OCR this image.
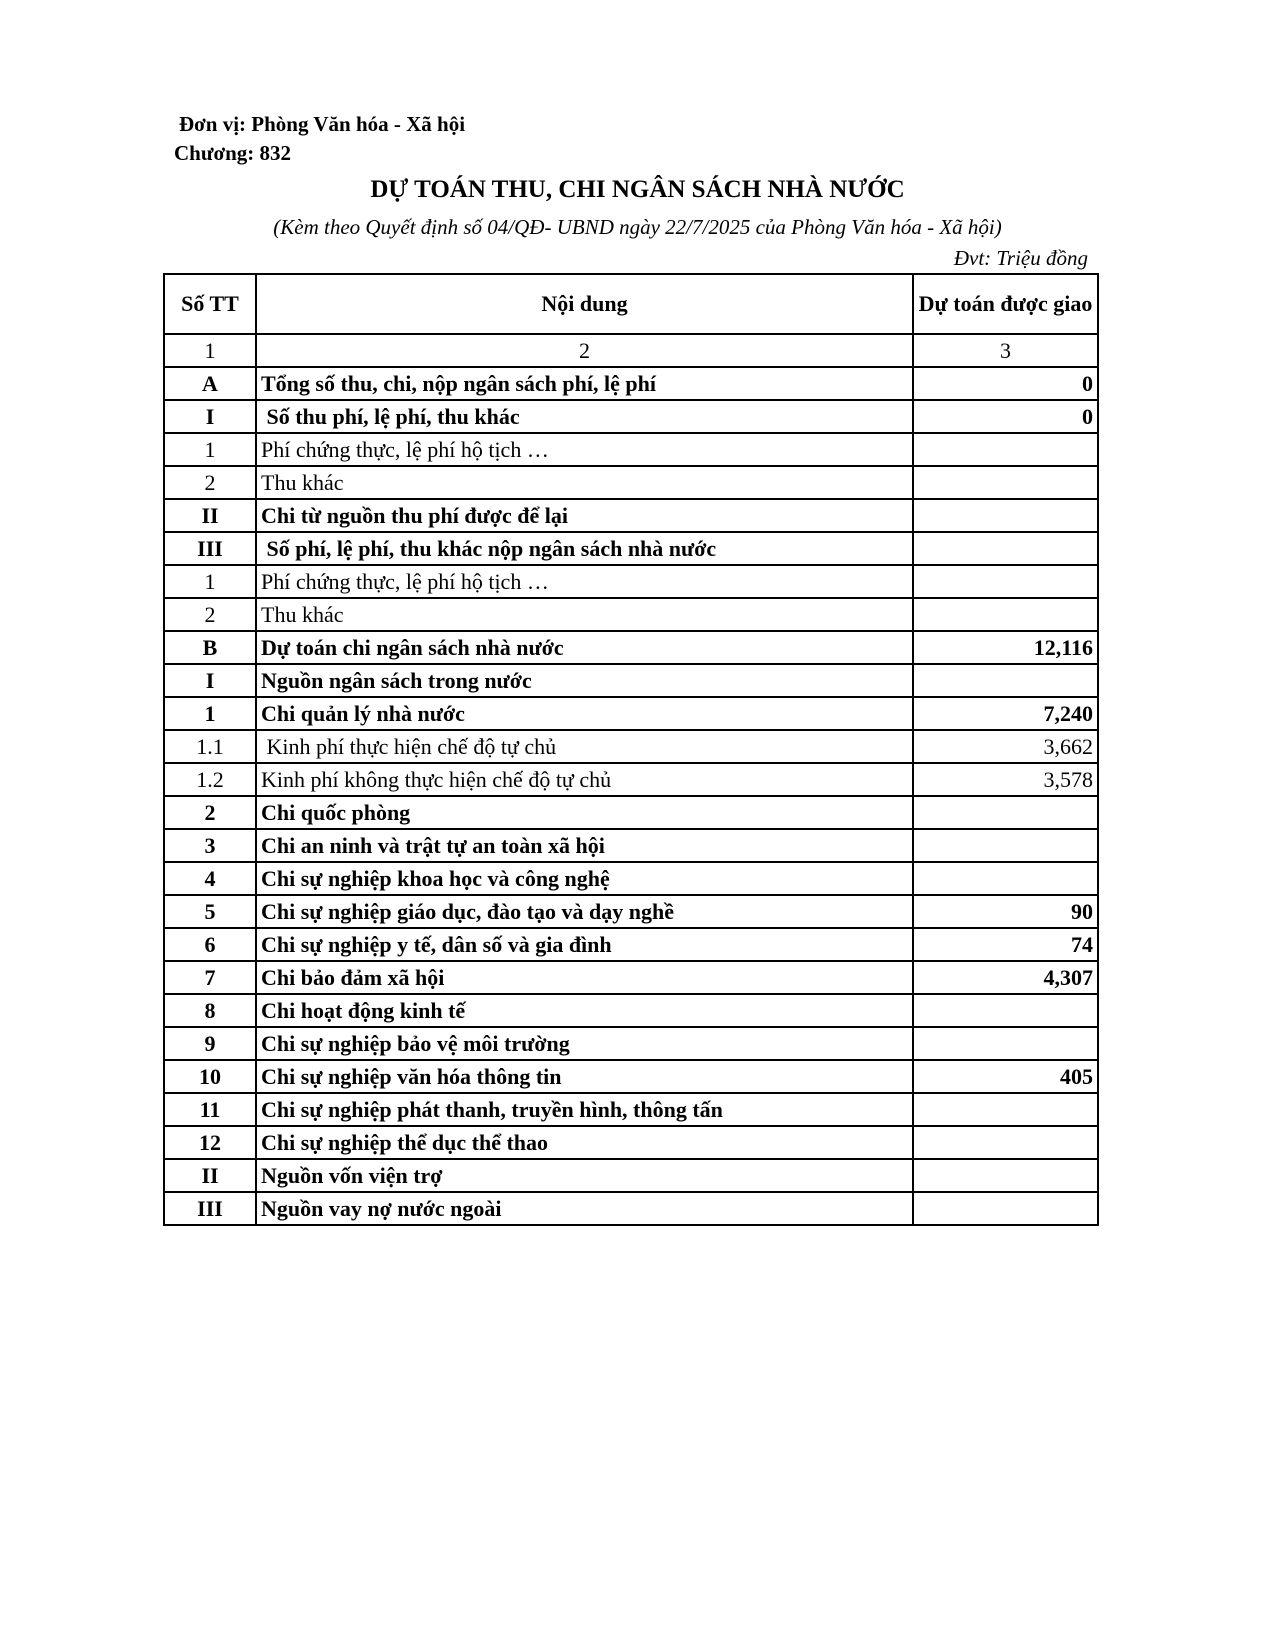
Đơn vị: Phòng Văn hóa - Xã hội
Chương: 832
DỰ TOÁN THU, CHI NGÂN SÁCH NHÀ NƯỚC
(Kèm theo Quyết định số 04/QĐ- UBND ngày 22/7/2025 của Phòng Văn hóa - Xã hội)
Đvt: Triệu đồng
Số TT	Nội dung	Dự toán được giao
1	2	3
A	Tổng số thu, chi, nộp ngân sách phí, lệ phí	0
I	Số thu phí, lệ phí, thu khác	0
1	Phí chứng thực, lệ phí hộ tịch …	
2	Thu khác	
II	Chi từ nguồn thu phí được để lại	
III	Số phí, lệ phí, thu khác nộp ngân sách nhà nước	
1	Phí chứng thực, lệ phí hộ tịch …	
2	Thu khác	
B	Dự toán chi ngân sách nhà nước	12,116
I	Nguồn ngân sách trong nước	
1	Chi quản lý nhà nước	7,240
1.1	Kinh phí thực hiện chế độ tự chủ	3,662
1.2	Kinh phí không thực hiện chế độ tự chủ	3,578
2	Chi quốc phòng	
3	Chi an ninh và trật tự an toàn xã hội	
4	Chi sự nghiệp khoa học và công nghệ	
5	Chi sự nghiệp giáo dục, đào tạo và dạy nghề	90
6	Chi sự nghiệp y tế, dân số và gia đình	74
7	Chi bảo đảm xã hội	4,307
8	Chi hoạt động kinh tế	
9	Chi sự nghiệp bảo vệ môi trường	
10	Chi sự nghiệp văn hóa thông tin	405
11	Chi sự nghiệp phát thanh, truyền hình, thông tấn	
12	Chi sự nghiệp thể dục thể thao	
II	Nguồn vốn viện trợ	
III	Nguồn vay nợ nước ngoài	
